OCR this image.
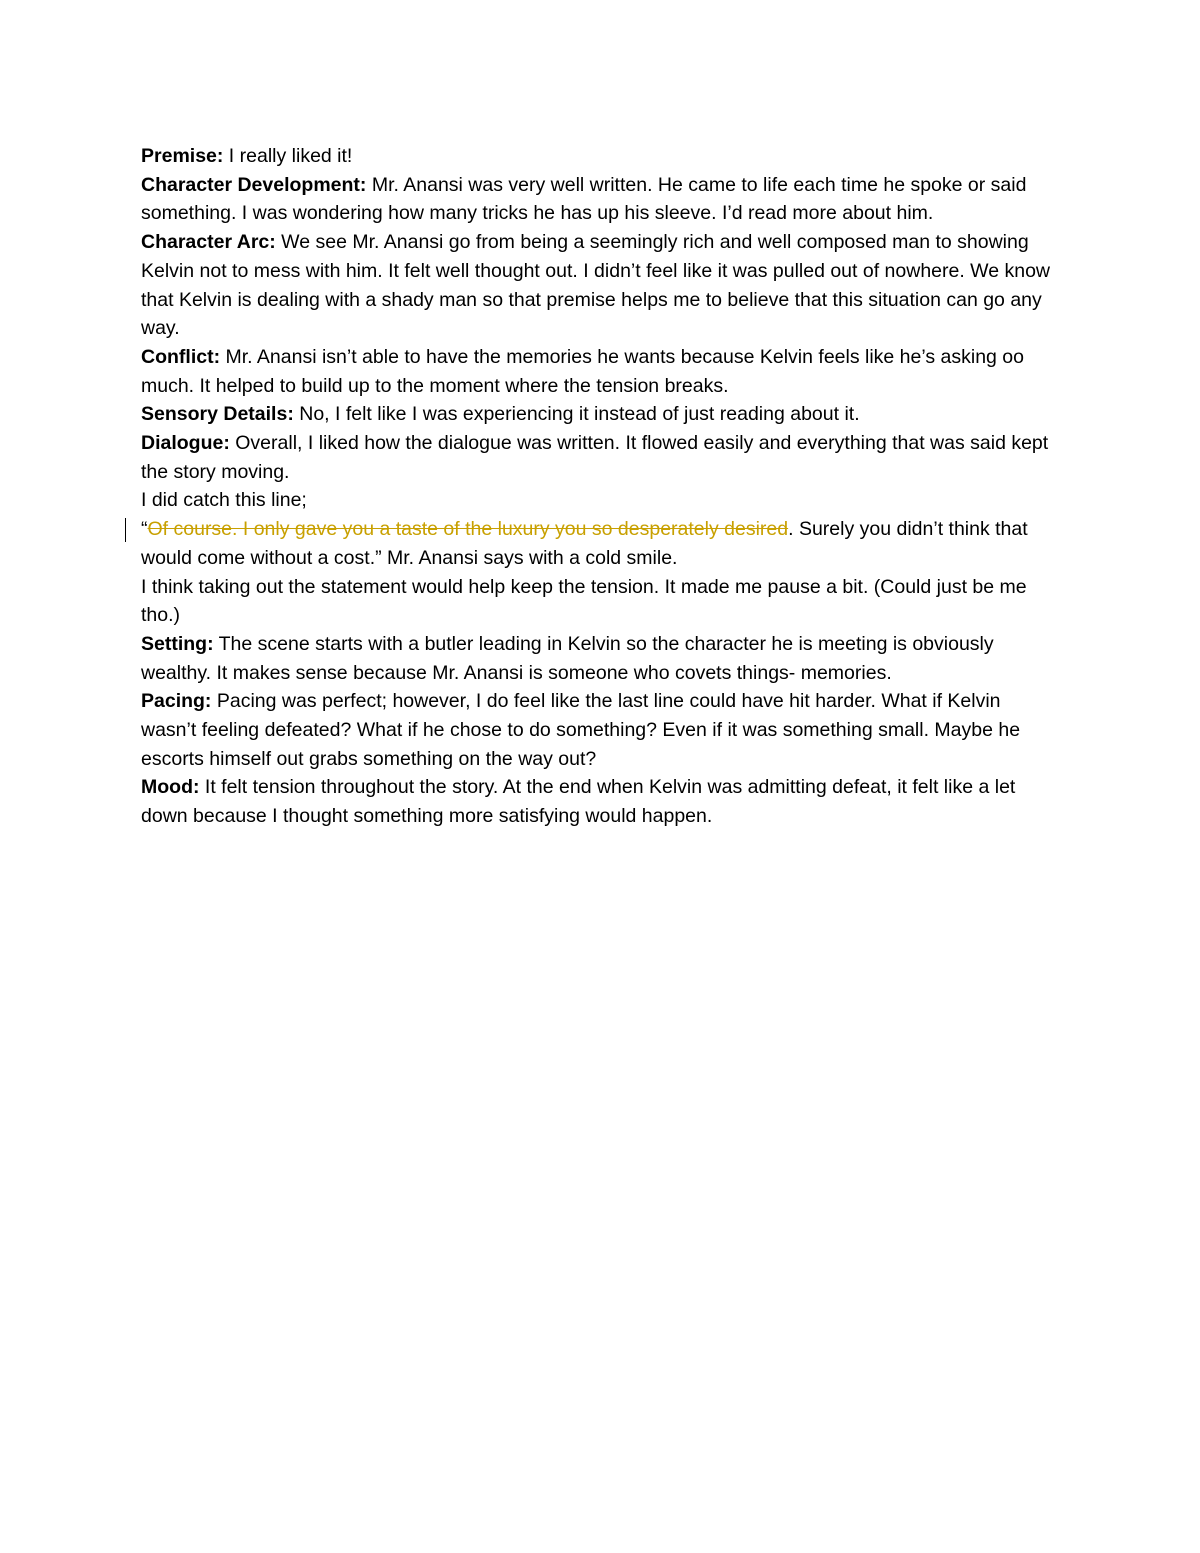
Premise: I really liked it!

Character Development: Mr. Anansi was very well written. He came to life each time he spoke or said something. I was wondering how many tricks he has up his sleeve. I’d read more about him.

Character Arc: We see Mr. Anansi go from being a seemingly rich and well composed man to showing Kelvin not to mess with him. It felt well thought out. I didn’t feel like it was pulled out of nowhere. We know that Kelvin is dealing with a shady man so that premise helps me to believe that this situation can go any way.

Conflict: Mr. Anansi isn’t able to have the memories he wants because Kelvin feels like he’s asking oo much. It helped to build up to the moment where the tension breaks.

Sensory Details: No, I felt like I was experiencing it instead of just reading about it.

Dialogue: Overall, I liked how the dialogue was written. It flowed easily and everything that was said kept the story moving.

I did catch this line;

“Of course. I only gave you a taste of the luxury you so desperately desired. Surely you didn’t think that would come without a cost.” Mr. Anansi says with a cold smile.

I think taking out the statement would help keep the tension. It made me pause a bit. (Could just be me tho.)

Setting: The scene starts with a butler leading in Kelvin so the character he is meeting is obviously wealthy. It makes sense because Mr. Anansi is someone who covets things- memories.

Pacing: Pacing was perfect; however, I do feel like the last line could have hit harder. What if Kelvin wasn’t feeling defeated? What if he chose to do something? Even if it was something small. Maybe he escorts himself out grabs something on the way out?

Mood: It felt tension throughout the story. At the end when Kelvin was admitting defeat, it felt like a let down because I thought something more satisfying would happen.
